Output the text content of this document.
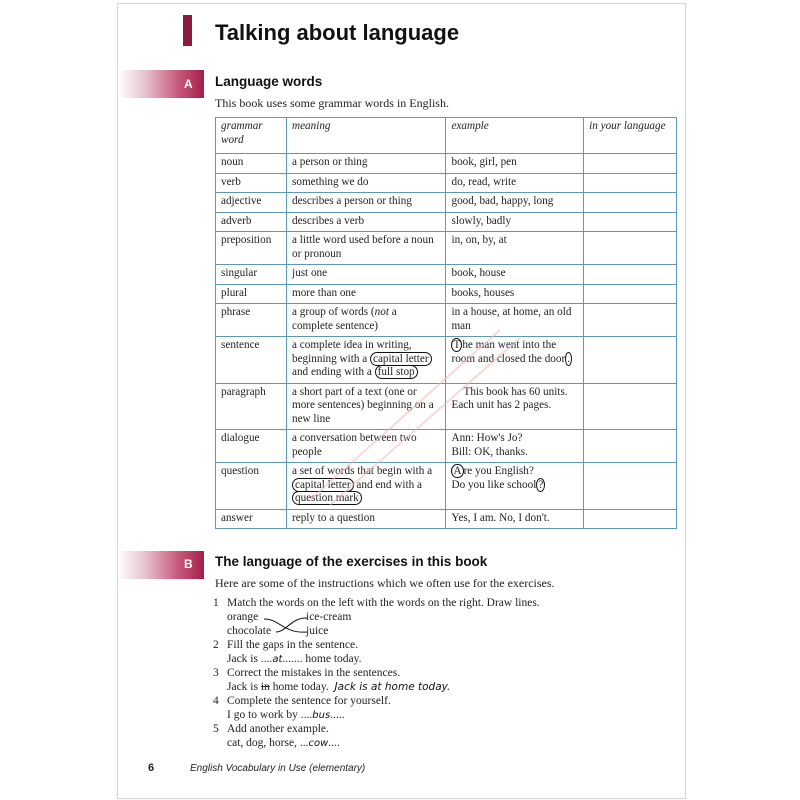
Talking about language
A Language words
This book uses some grammar words in English.
grammar word	meaning	example	in your language
noun	a person or thing	book, girl, pen	
verb	something we do	do, read, write	
adjective	describes a person or thing	good, bad, happy, long	
adverb	describes a verb	slowly, badly	
preposition	a little word used before a noun or pronoun	in, on, by, at	
singular	just one	book, house	
plural	more than one	books, houses	
phrase	a group of words (not a complete sentence)	in a house, at home, an old man	
sentence	a complete idea in writing, beginning with a capital letter and ending with a full stop	T he man went into the room and closed the door .	
paragraph	a short part of a text (one or more sentences) beginning on a new line	This book has 60 units. Each unit has 2 pages.	
dialogue	a conversation between two people	Ann: How's Jo?
Bill: OK, thanks.	

question	a set of words that begin with a capital letter and end with a question mark	A re you English?
Do you like school ?	

answer	reply to a question	Yes, I am. No, I don't.	
B The language of the exercises in this book
Here are some of the instructions which we often use for the exercises.
1 Match the words on the left with the words on the right. Draw lines.
orange
chocolate
ice-cream
juice
2 Fill the gaps in the sentence.
Jack is ....at....... home today.
3 Correct the mistakes in the sentences.
Jack is in home today. Jack is at home today.
4 Complete the sentence for yourself.
I go to work by ....bus.....
5 Add another example.
cat, dog, horse, ...cow....
6	English Vocabulary in Use (elementary)
